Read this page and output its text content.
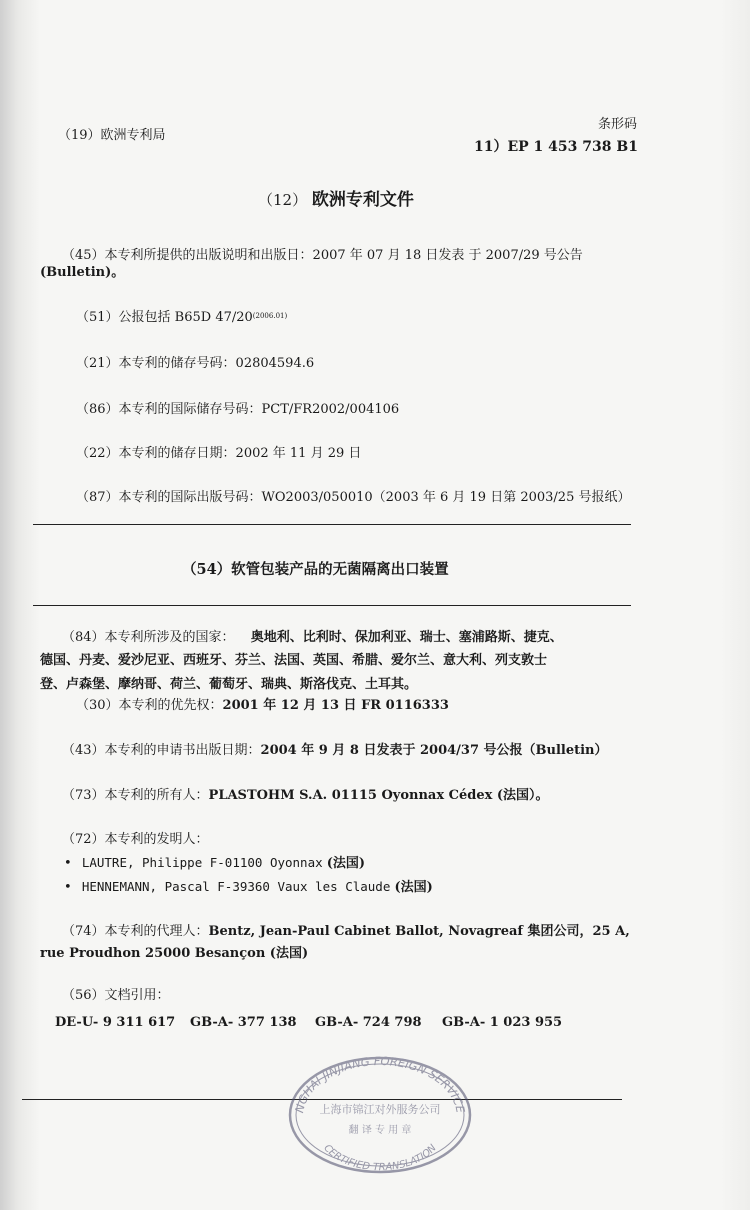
（19）欧洲专利局
条形码
11）EP 1 453 738 B1
（12） 欧洲专利文件
（45）本专利所提供的出版说明和出版日：2007 年 07 月 18 日发表 于 2007/29 号公告
(Bulletin)。
（51）公报包括 B65D $47/20^{(2006.01)}$
（21）本专利的储存号码：02804594.6
（86）本专利的国际储存号码：PCT/FR2002/004106
（22）本专利的储存日期：2002 年 11 月 29 日
（87）本专利的国际出版号码：WO2003/050010（2003 年 6 月 19 日第 2003/25 号报纸）
（54）软管包装产品的无菌隔离出口装置
（84）本专利所涉及的国家： 奥地利、比利时、保加利亚、瑞士、塞浦路斯、捷克、
德国、丹麦、爱沙尼亚、西班牙、芬兰、法国、英国、希腊、爱尔兰、意大利、列支敦士
登、卢森堡、摩纳哥、荷兰、葡萄牙、瑞典、斯洛伐克、土耳其。
（30）本专利的优先权：2001 年 12 月 13 日 FR 0116333
（43）本专利的申请书出版日期：2004 年 9 月 8 日发表于 2004/37 号公报（Bulletin）
（73）本专利的所有人：PLASTOHM S.A. 01115 Oyonnax Cédex (法国）。
（72）本专利的发明人：
• LAUTRE, Philippe F-01100 Oyonnax (法国)
• HENNEMANN, Pascal F-39360 Vaux les Claude (法国)
（74）本专利的代理人：Bentz, Jean-Paul Cabinet Ballot, Novagreaf 集团公司，25 A,
rue Proudhon 25000 Besançon (法国)
（56）文档引用：
DE-U- 9 311 617 GB-A- 377 138 GB-A- 724 798 GB-A- 1 023 955
NGHAI JINJIANG FOREIGN SERVICE
上海市锦江对外服务公司
翻 译 专 用 章
CERTIFIED TRANSLATION
